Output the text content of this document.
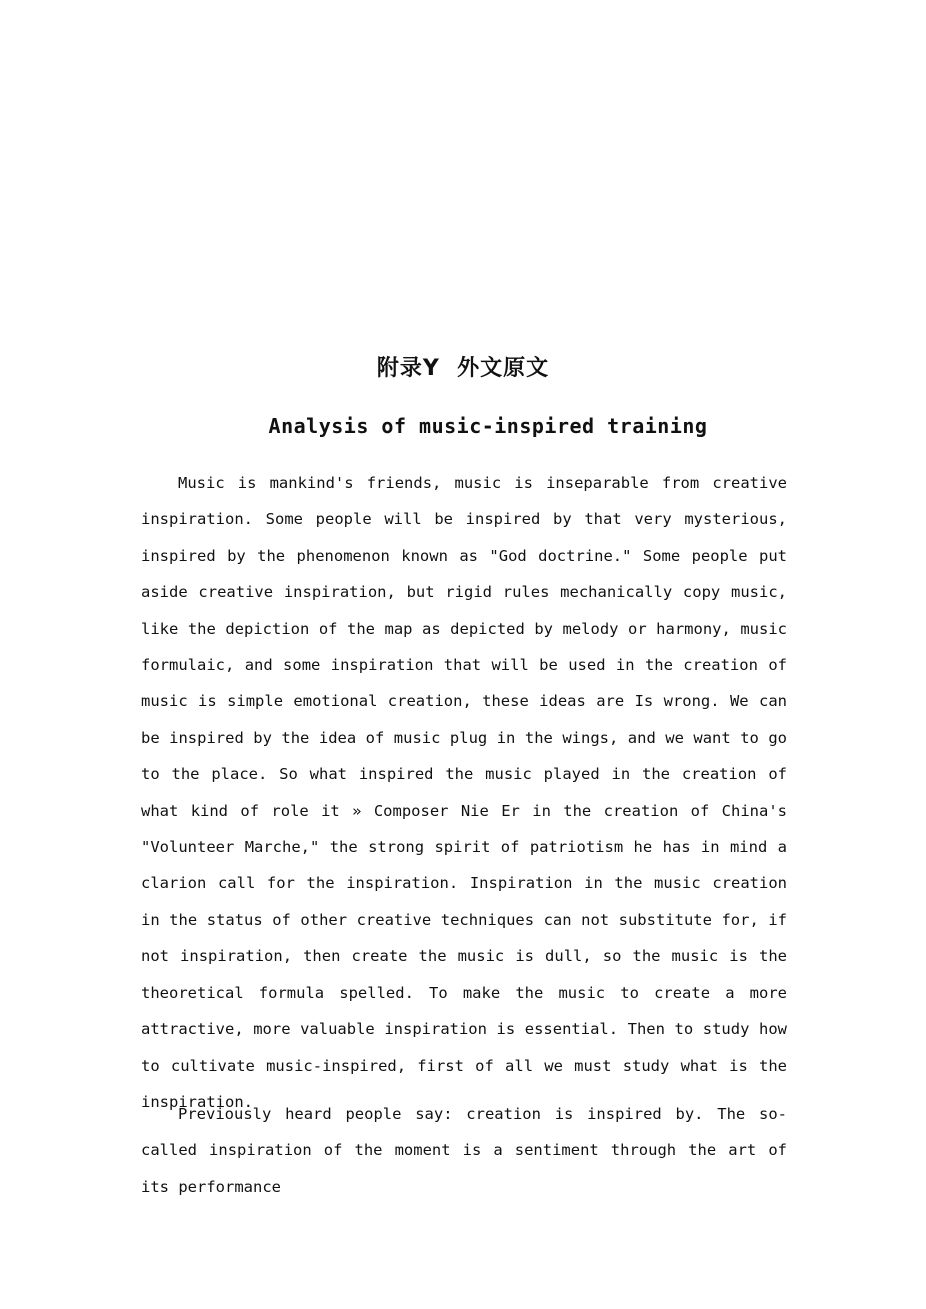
附录Y  外文原文
Analysis of music-inspired training

Music is mankind's friends, music is inseparable from creative inspiration. Some people will be inspired by that very mysterious, inspired by the phenomenon known as "God doctrine." Some people put aside creative inspiration, but rigid rules mechanically copy music, like the depiction of the map as depicted by melody or harmony, music formulaic, and some inspiration that will be used in the creation of music is simple emotional creation, these ideas are Is wrong. We can be inspired by the idea of music plug in the wings, and we want to go to the place. So what inspired the music played in the creation of what kind of role it » Composer Nie Er in the creation of China's "Volunteer Marche," the strong spirit of patriotism he has in mind a clarion call for the inspiration. Inspiration in the music creation in the status of other creative techniques can not substitute for, if not inspiration, then create the music is dull, so the music is the theoretical formula spelled. To make the music to create a more attractive, more valuable inspiration is essential. Then to study how to cultivate music-inspired, first of all we must study what is the inspiration.

Previously heard people say: creation is inspired by. The so-called inspiration of the moment is a sentiment through the art of its performance
